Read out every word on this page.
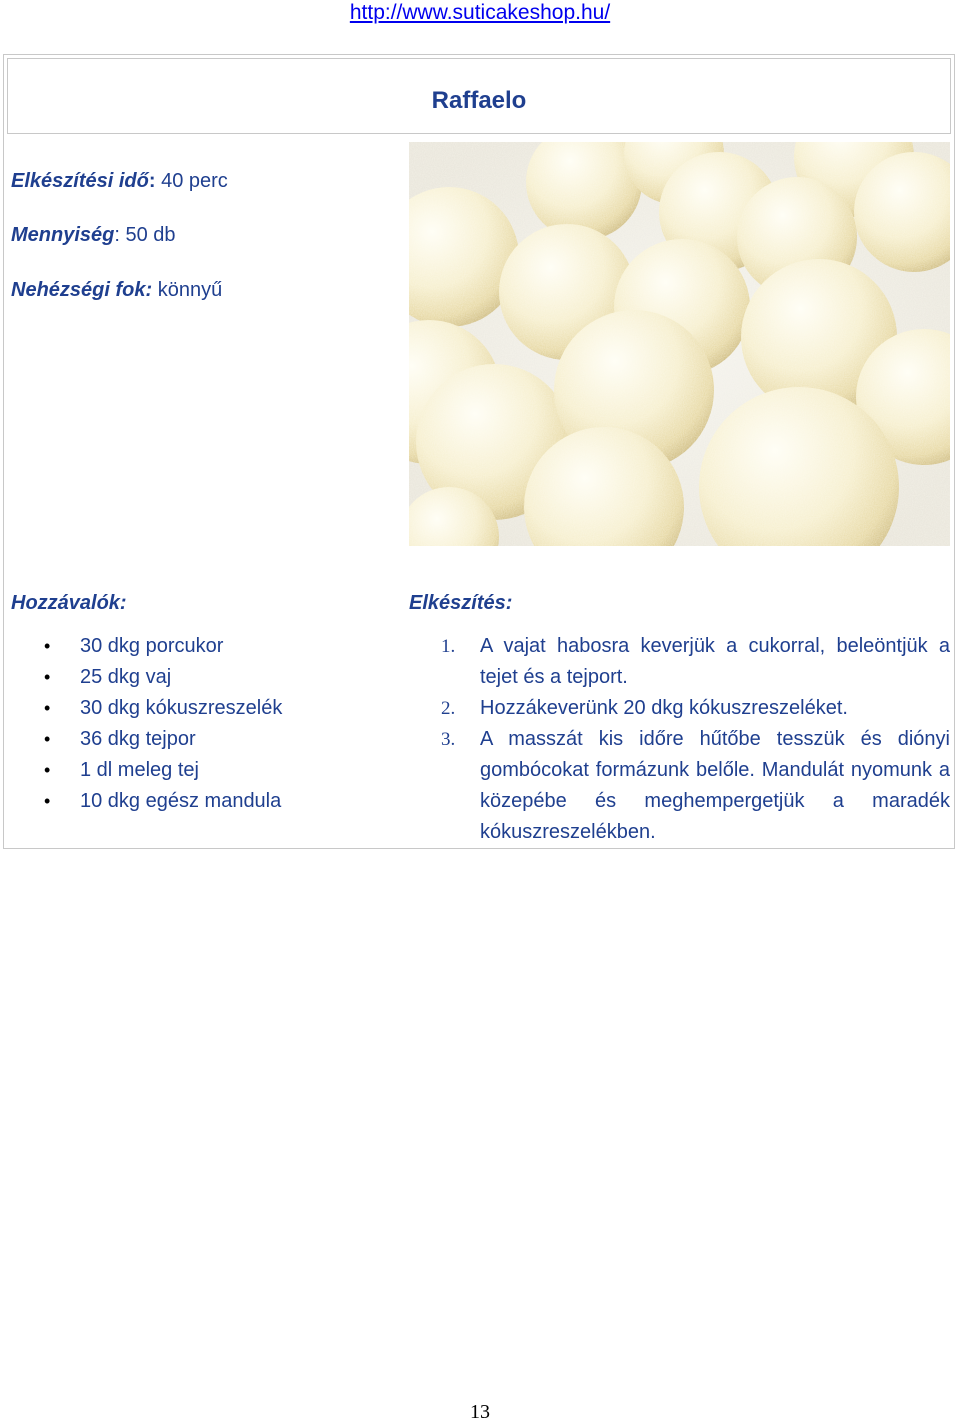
http://www.suticakeshop.hu/
Raffaelo
Elkészítési idő: 40 perc
Mennyiség: 50 db
Nehézségi fok: könnyű
Hozzávalók:
• 30 dkg porcukor
• 25 dkg vaj
• 30 dkg kókuszreszelék
• 36 dkg tejpor
• 1 dl meleg tej
• 10 dkg egész mandula
Elkészítés:
1. A vajat habosra keverjük a cukorral, beleöntjük a tejet és a tejport.
2. Hozzákeverünk 20 dkg kókuszreszeléket.
3. A masszát kis időre hűtőbe tesszük és diónyi gombócokat formázunk belőle. Mandulát nyomunk a közepébe és meghempergetjük a maradék kókuszreszelékben.
13
